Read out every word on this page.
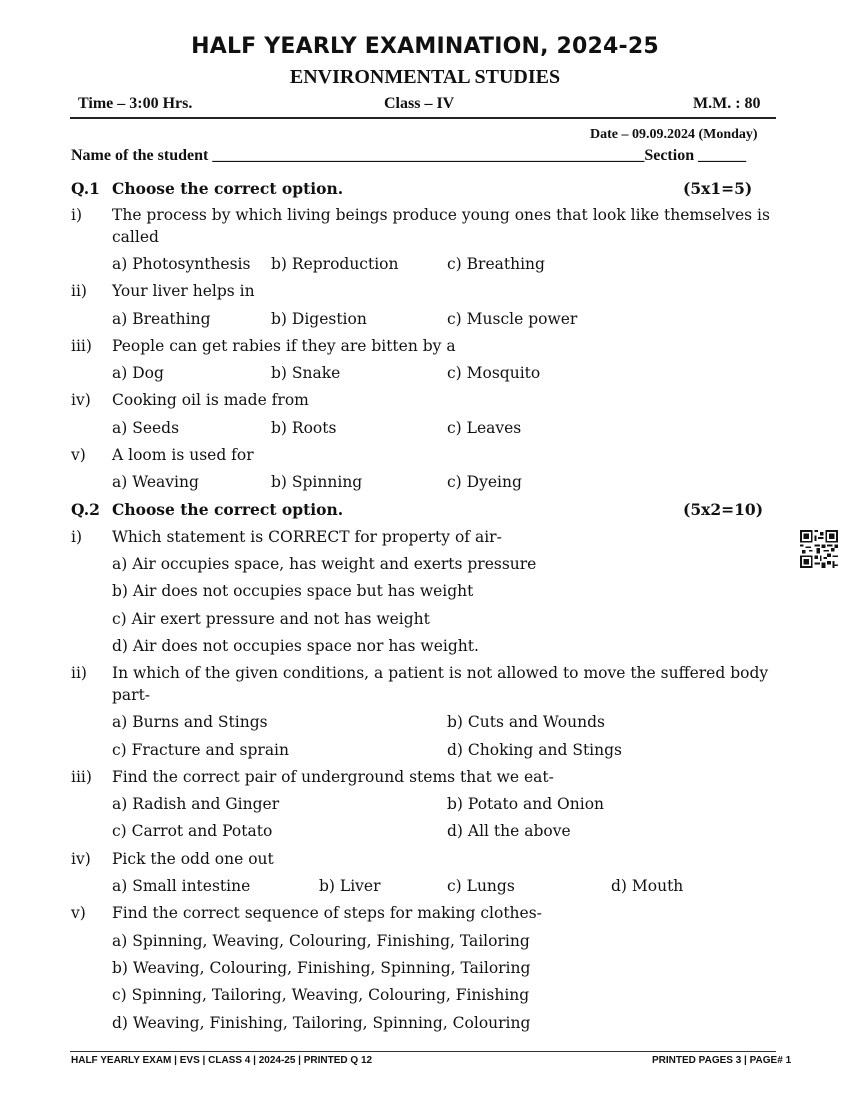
HALF YEARLY EXAMINATION, 2024-25
ENVIRONMENTAL STUDIES
Time – 3:00 Hrs.	Class – IV	M.M. : 80
Date – 09.09.2024 (Monday)
Name of the student ______________________________________________________Section ______
Q.1 Choose the correct option.	(5x1=5)
i) The process by which living beings produce young ones that look like themselves is
called
a) Photosynthesis b) Reproduction	c) Breathing
ii) Your liver helps in
a) Breathing	b) Digestion	c) Muscle power
iii) People can get rabies if they are bitten by a
a) Dog	b) Snake	c) Mosquito
iv) Cooking oil is made from
a) Seeds	b) Roots	c) Leaves
v) A loom is used for
a) Weaving	b) Spinning	c) Dyeing
Q.2 Choose the correct option.	(5x2=10)
i) Which statement is CORRECT for property of air-
a) Air occupies space, has weight and exerts pressure
b) Air does not occupies space but has weight
c) Air exert pressure and not has weight
d) Air does not occupies space nor has weight.
ii) In which of the given conditions, a patient is not allowed to move the suffered body
part-
a) Burns and Stings	b) Cuts and Wounds
c) Fracture and sprain	d) Choking and Stings
iii) Find the correct pair of underground stems that we eat-
a) Radish and Ginger	b) Potato and Onion
c) Carrot and Potato	d) All the above
iv) Pick the odd one out
a) Small intestine	b) Liver	c) Lungs	d) Mouth
v) Find the correct sequence of steps for making clothes-
a) Spinning, Weaving, Colouring, Finishing, Tailoring
b) Weaving, Colouring, Finishing, Spinning, Tailoring
c) Spinning, Tailoring, Weaving, Colouring, Finishing
d) Weaving, Finishing, Tailoring, Spinning, Colouring
HALF YEARLY EXAM | EVS | CLASS 4 | 2024-25 | PRINTED Q 12	PRINTED PAGES 3 | PAGE# 1
